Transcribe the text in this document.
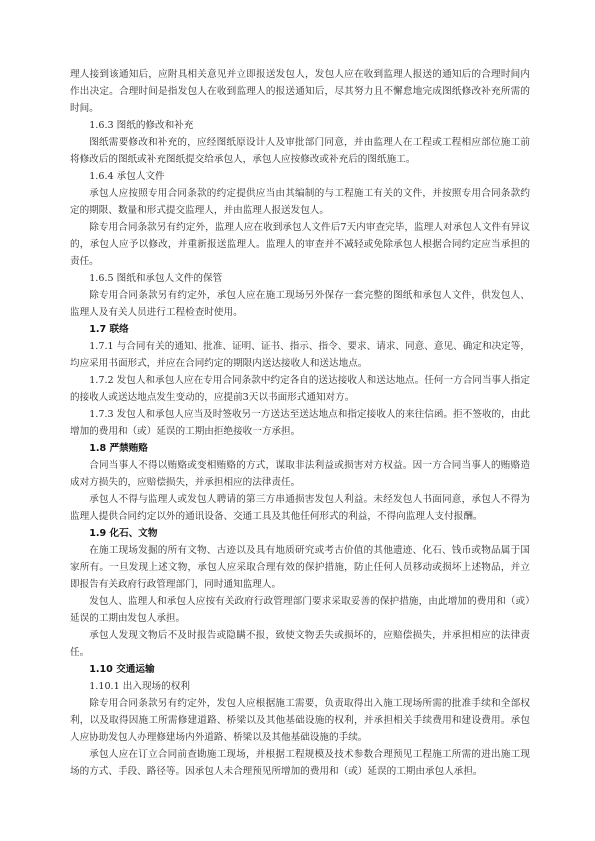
理人接到该通知后，应附具相关意见并立即报送发包人，发包人应在收到监理人报送的通知后的合理时间内作出决定。合理时间是指发包人在收到监理人的报送通知后，尽其努力且不懈怠地完成图纸修改补充所需的时间。

1.6.3 图纸的修改和补充

图纸需要修改和补充的，应经图纸原设计人及审批部门同意，并由监理人在工程或工程相应部位施工前将修改后的图纸或补充图纸提交给承包人，承包人应按修改或补充后的图纸施工。

1.6.4 承包人文件

承包人应按照专用合同条款的约定提供应当由其编制的与工程施工有关的文件，并按照专用合同条款约定的期限、数量和形式提交监理人，并由监理人报送发包人。

除专用合同条款另有约定外，监理人应在收到承包人文件后7天内审查完毕，监理人对承包人文件有异议的，承包人应予以修改，并重新报送监理人。监理人的审查并不减轻或免除承包人根据合同约定应当承担的责任。

1.6.5 图纸和承包人文件的保管

除专用合同条款另有约定外，承包人应在施工现场另外保存一套完整的图纸和承包人文件，供发包人、监理人及有关人员进行工程检查时使用。

1.7 联络

1.7.1 与合同有关的通知、批准、证明、证书、指示、指令、要求、请求、同意、意见、确定和决定等，均应采用书面形式，并应在合同约定的期限内送达接收人和送达地点。

1.7.2 发包人和承包人应在专用合同条款中约定各自的送达接收人和送达地点。任何一方合同当事人指定的接收人或送达地点发生变动的，应提前3天以书面形式通知对方。

1.7.3 发包人和承包人应当及时签收另一方送达至送达地点和指定接收人的来往信函。拒不签收的，由此增加的费用和（或）延误的工期由拒绝接收一方承担。

1.8 严禁贿赂

合同当事人不得以贿赂或变相贿赂的方式，谋取非法利益或损害对方权益。因一方合同当事人的贿赂造成对方损失的，应赔偿损失，并承担相应的法律责任。

承包人不得与监理人或发包人聘请的第三方串通损害发包人利益。未经发包人书面同意，承包人不得为监理人提供合同约定以外的通讯设备、交通工具及其他任何形式的利益，不得向监理人支付报酬。

1.9 化石、文物

在施工现场发掘的所有文物、古迹以及具有地质研究或考古价值的其他遗迹、化石、钱币或物品属于国家所有。一旦发现上述文物，承包人应采取合理有效的保护措施，防止任何人员移动或损坏上述物品，并立即报告有关政府行政管理部门，同时通知监理人。

发包人、监理人和承包人应按有关政府行政管理部门要求采取妥善的保护措施，由此增加的费用和（或）延误的工期由发包人承担。

承包人发现文物后不及时报告或隐瞒不报，致使文物丢失或损坏的，应赔偿损失，并承担相应的法律责任。

1.10 交通运输

1.10.1 出入现场的权利

除专用合同条款另有约定外，发包人应根据施工需要，负责取得出入施工现场所需的批准手续和全部权利，以及取得因施工所需修建道路、桥梁以及其他基础设施的权利，并承担相关手续费用和建设费用。承包人应协助发包人办理修建场内外道路、桥梁以及其他基础设施的手续。

承包人应在订立合同前查勘施工现场，并根据工程规模及技术参数合理预见工程施工所需的进出施工现场的方式、手段、路径等。因承包人未合理预见所增加的费用和（或）延误的工期由承包人承担。
